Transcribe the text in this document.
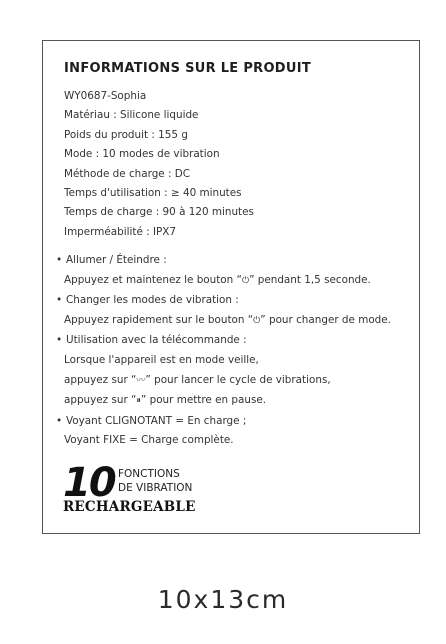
INFORMATIONS SUR LE PRODUIT
WY0687-Sophia
Matériau : Silicone liquide
Poids du produit : 155 g
Mode : 10 modes de vibration
Méthode de charge : DC
Temps d'utilisation : ≥ 40 minutes
Temps de charge : 90 à 120 minutes
Imperméabilité : IPX7
• Allumer / Éteindre :
Appuyez et maintenez le bouton “⏻” pendant 1,5 seconde.
• Changer les modes de vibration :
Appuyez rapidement sur le bouton “⏻” pour changer de mode.
• Utilisation avec la télécommande :
Lorsque l'appareil est en mode veille,
appuyez sur “〰” pour lancer le cycle de vibrations,
appuyez sur “⏸” pour mettre en pause.
• Voyant CLIGNOTANT = En charge ;
Voyant FIXE = Charge complète.
10 FONCTIONS
DE VIBRATION
RECHARGEABLE
10x13cm
